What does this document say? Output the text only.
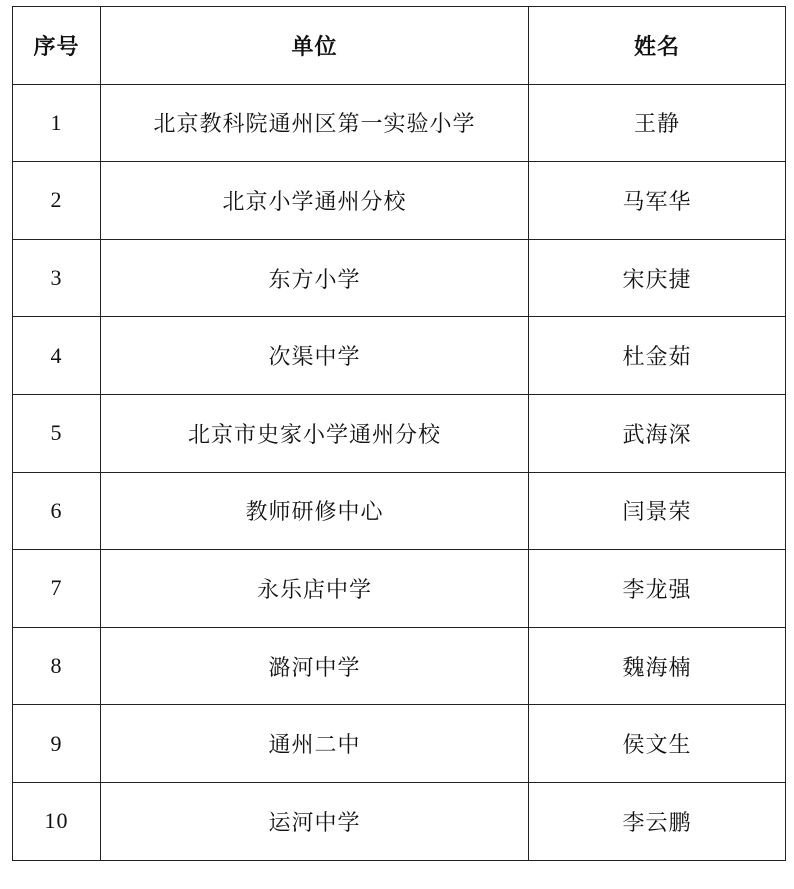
序号	单位	姓名
1	北京教科院通州区第一实验小学	王静
2	北京小学通州分校	马军华
3	东方小学	宋庆捷
4	次渠中学	杜金茹
5	北京市史家小学通州分校	武海深
6	教师研修中心	闫景荣
7	永乐店中学	李龙强
8	潞河中学	魏海楠
9	通州二中	侯文生
10	运河中学	李云鹏
